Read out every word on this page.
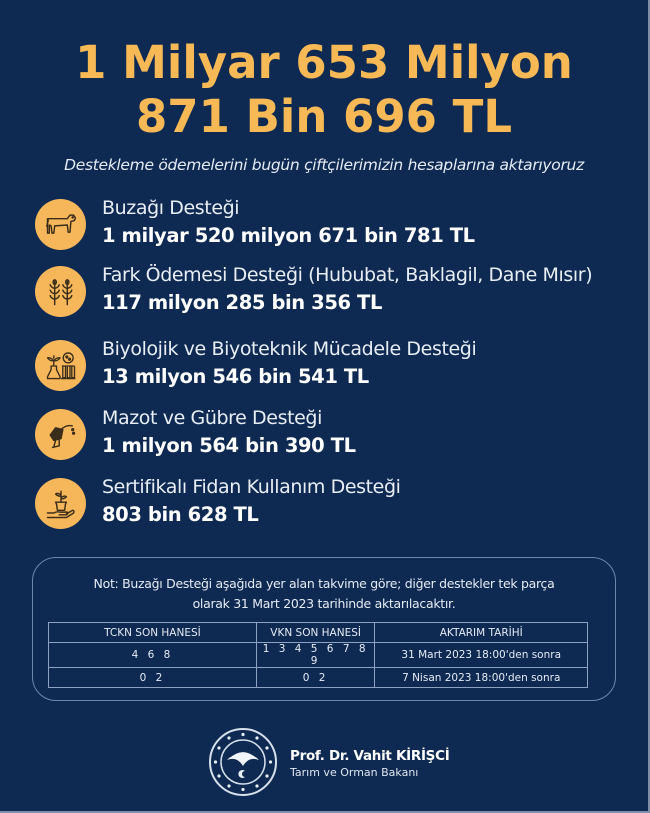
1 Milyar 653 Milyon
871 Bin 696 TL
Destekleme ödemelerini bugün çiftçilerimizin hesaplarına aktarıyoruz
Buzağı Desteği
1 milyar 520 milyon 671 bin 781 TL
Fark Ödemesi Desteği (Hububat, Baklagil, Dane Mısır)
117 milyon 285 bin 356 TL
Biyolojik ve Biyoteknik Mücadele Desteği
13 milyon 546 bin 541 TL
Mazot ve Gübre Desteği
1 milyon 564 bin 390 TL
Sertifikalı Fidan Kullanım Desteği
803 bin 628 TL
Not: Buzağı Desteği aşağıda yer alan takvime göre; diğer destekler tek parça
olarak 31 Mart 2023 tarihinde aktarılacaktır.
TCKN SON HANESİ	VKN SON HANESİ	AKTARIM TARİHİ
4 6 8	1 3 4 5 6 7 8 9	31 Mart 2023 18:00'den sonra
0 2	0 2	7 Nisan 2023 18:00'den sonra
Prof. Dr. Vahit KİRİŞCİ
Tarım ve Orman Bakanı
